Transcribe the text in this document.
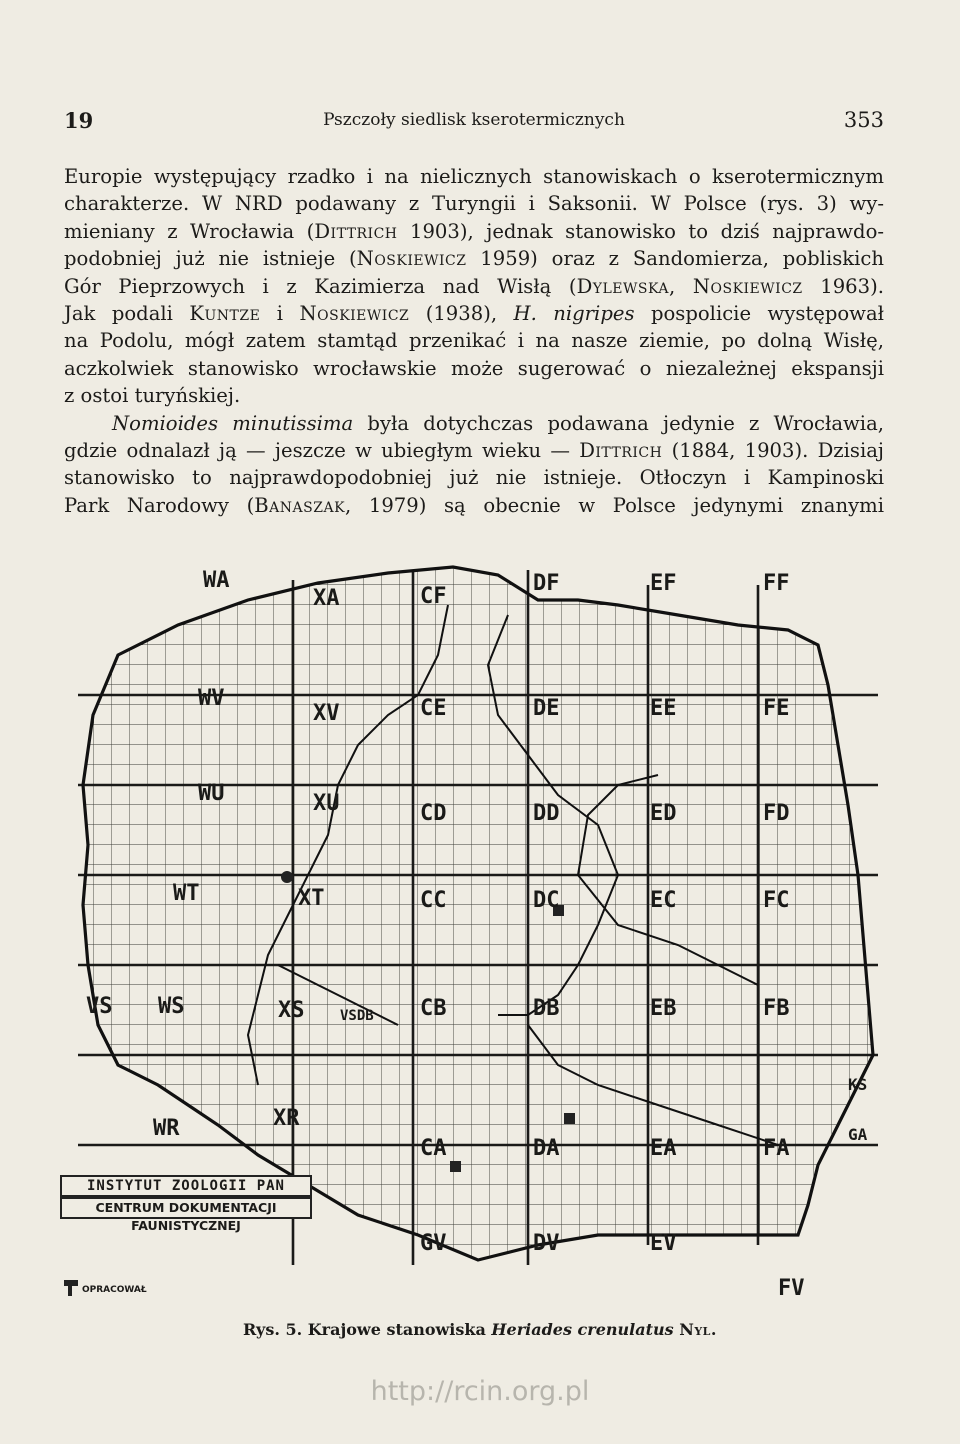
19	Pszczoły siedlisk kserotermicznych	353
Europie występujący rzadko i na nielicznych stanowiskach o kserotermicznym
charakterze. W NRD podawany z Turyngii i Saksonii. W Polsce (rys. 3) wy-
mieniany z Wrocławia (Dittrich 1903), jednak stanowisko to dziś najprawdo-
podobniej już nie istnieje (Noskiewicz 1959) oraz z Sandomierza, pobliskich
Gór Pieprzowych i z Kazimierza nad Wisłą (Dylewska, Noskiewicz 1963).
Jak podali Kuntze i Noskiewicz (1938), H. nigripes pospolicie występował
na Podolu, mógł zatem stamtąd przenikać i na nasze ziemie, po dolną Wisłę,
aczkolwiek stanowisko wrocławskie może sugerować o niezależnej ekspansji
z ostoi turyńskiej.
Nomioides minutissima była dotychczas podawana jedynie z Wrocławia,
gdzie odnalazł ją — jeszcze w ubiegłym wieku — Dittrich (1884, 1903). Dzisiaj
stanowisko to najprawdopodobniej już nie istnieje. Otłoczyn i Kampinoski
Park Narodowy (Banaszak, 1979) są obecnie w Polsce jedynymi znanymi
WA
XA	CF
DF	EF	FF
WV
XV	CE	DE	EE	FE
WU	XU	CD	DD	ED	FD
WT	XT	CC	DC	EC	FC
VS WS	XS	VSDB CB	DB	EB	FB
KS
WR	XR
CA	DA	EA	FA
GA
GV	DV	EV
FV
INSTYTUT ZOOLOGII PAN
CENTRUM DOKUMENTACJI FAUNISTYCZNEJ
OPRACOWAŁ
Rys. 5. Krajowe stanowiska Heriades crenulatus Nyl.
http://rcin.org.pl
